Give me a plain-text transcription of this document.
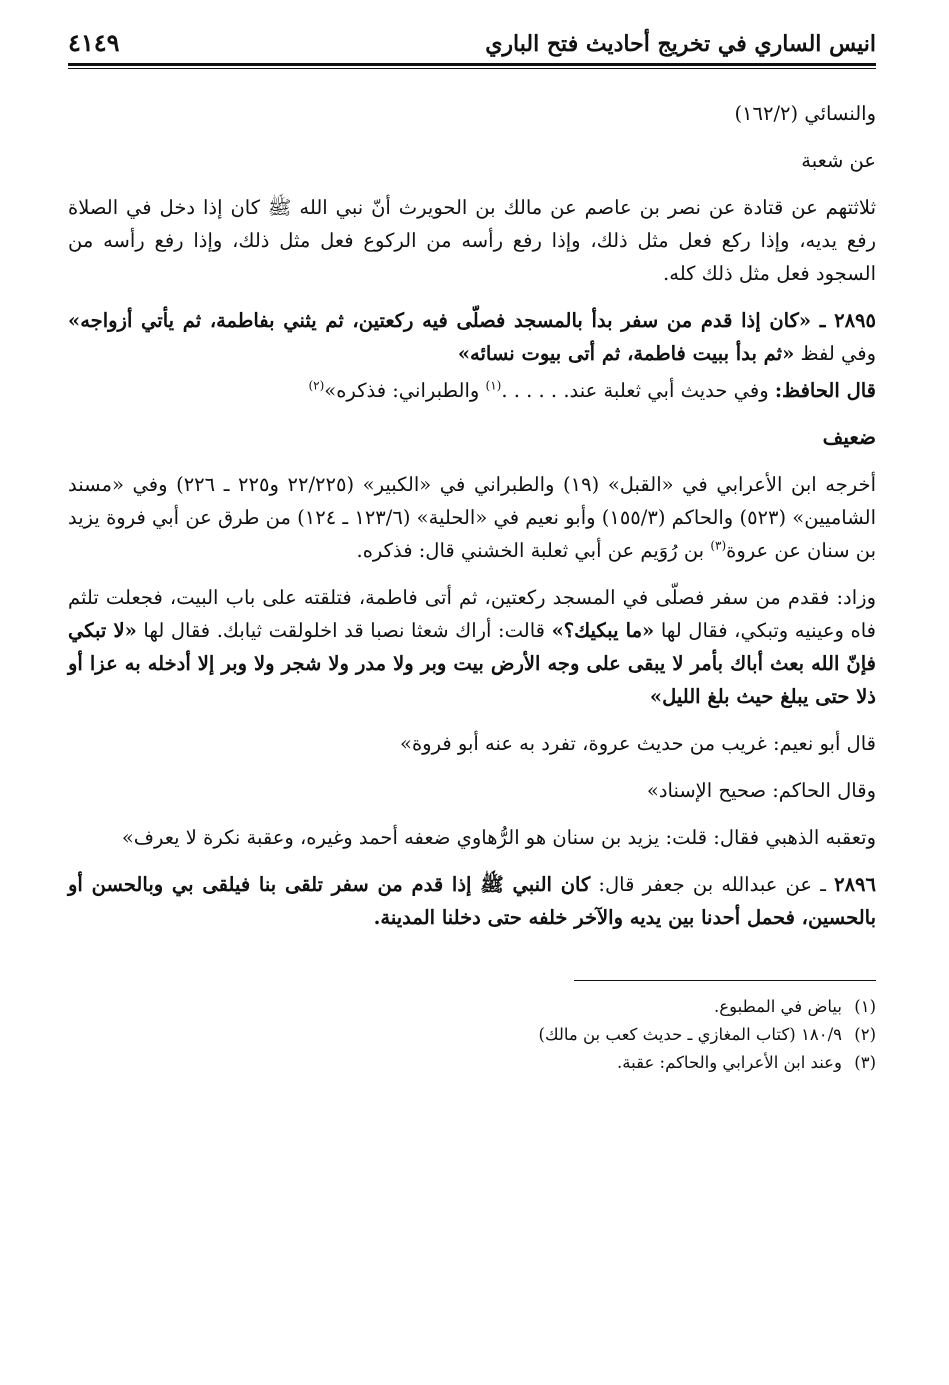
انيس الساري في تخريج أحاديث فتح الباري
٤١٤٩

والنسائي (١٦٢/٢)

عن شعبة

ثلاثتهم عن قتادة عن نصر بن عاصم عن مالك بن الحويرث أنّ نبي الله ﷺ كان إذا دخل في الصلاة رفع يديه، وإذا ركع فعل مثل ذلك، وإذا رفع رأسه من الركوع فعل مثل ذلك، وإذا رفع رأسه من السجود فعل مثل ذلك كله.

٢٨٩٥ ـ «كان إذا قدم من سفر بدأ بالمسجد فصلّى فيه ركعتين، ثم يثني بفاطمة، ثم يأتي أزواجه» وفي لفظ «ثم بدأ ببيت فاطمة، ثم أتى بيوت نسائه»

قال الحافظ: وفي حديث أبي ثعلبة عند. . . . . .$^{(١)}$ والطبراني: فذكره»$^{(٢)}$

ضعيف

أخرجه ابن الأعرابي في «القبل» (١٩) والطبراني في «الكبير» (٢٢/٢٢٥ و٢٢٥ ـ ٢٢٦) وفي «مسند الشاميين» (٥٢٣) والحاكم (١٥٥/٣) وأبو نعيم في «الحلية» (١٢٣/٦ ـ ١٢٤) من طرق عن أبي فروة يزيد بن سنان عن عروة$^{(٣)}$ بن رُوَيم عن أبي ثعلبة الخشني قال: فذكره.

وزاد: فقدم من سفر فصلّى في المسجد ركعتين، ثم أتى فاطمة، فتلقته على باب البيت، فجعلت تلثم فاه وعينيه وتبكي، فقال لها «ما يبكيك؟» قالت: أراك شعثا نصبا قد اخلولقت ثيابك. فقال لها «لا تبكي فإنّ الله بعث أباك بأمر لا يبقى على وجه الأرض بيت وبر ولا مدر ولا شجر ولا وبر إلا أدخله به عزا أو ذلا حتى يبلغ حيث بلغ الليل»

قال أبو نعيم: غريب من حديث عروة، تفرد به عنه أبو فروة»

وقال الحاكم: صحيح الإسناد»

وتعقبه الذهبي فقال: قلت: يزيد بن سنان هو الرُّهاوي ضعفه أحمد وغيره، وعقبة نكرة لا يعرف»

٢٨٩٦ ـ عن عبدالله بن جعفر قال: كان النبي ﷺ إذا قدم من سفر تلقى بنا فيلقى بي وبالحسن أو بالحسين، فحمل أحدنا بين يديه والآخر خلفه حتى دخلنا المدينة.

(١)
بياض في المطبوع.
(٢)
١٨٠/٩ (كتاب المغازي ـ حديث كعب بن مالك)
(٣)
وعند ابن الأعرابي والحاكم: عقبة.
